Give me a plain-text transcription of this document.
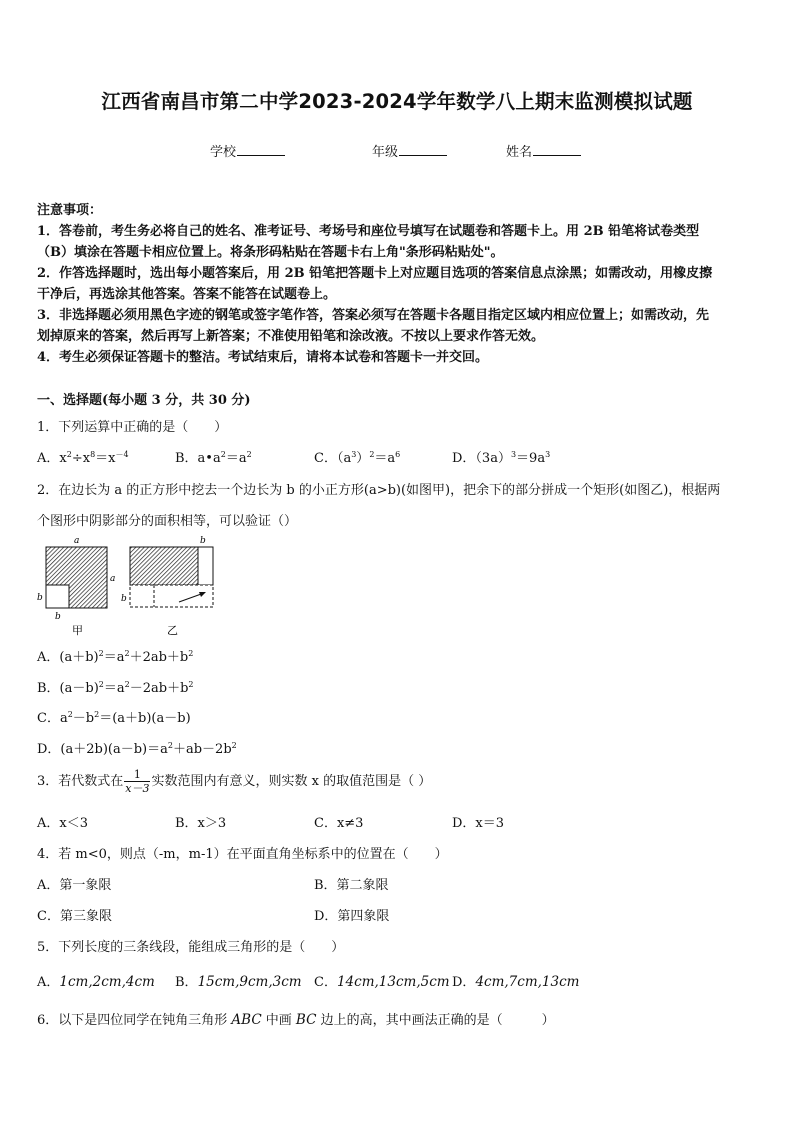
江西省南昌市第二中学2023-2024学年数学八上期末监测模拟试题
学校	年级	姓名
注意事项：
1．答卷前，考生务必将自己的姓名、准考证号、考场号和座位号填写在试题卷和答题卡上。用 2B 铅笔将试卷类型
（B）填涂在答题卡相应位置上。将条形码粘贴在答题卡右上角"条形码粘贴处"。
2．作答选择题时，选出每小题答案后，用 2B 铅笔把答题卡上对应题目选项的答案信息点涂黑；如需改动，用橡皮擦
干净后，再选涂其他答案。答案不能答在试题卷上。
3．非选择题必须用黑色字迹的钢笔或签字笔作答，答案必须写在答题卡各题目指定区域内相应位置上；如需改动，先
划掉原来的答案，然后再写上新答案；不准使用铅笔和涂改液。不按以上要求作答无效。
4．考生必须保证答题卡的整洁。考试结束后，请将本试卷和答题卡一并交回。
一、选择题(每小题 3 分，共 30 分)
1．下列运算中正确的是（　　）
A．$x^2\div x^8=x^{-4}$	B．$a•a^2=a^2$	C．$(a^3)^2=a^6$	D．$(3a)^3=9a^3$
2．在边长为 a 的正方形中挖去一个边长为 b 的小正方形(a>b)(如图甲)，把余下的部分拼成一个矩形(如图乙)，根据两
个图形中阴影部分的面积相等，可以验证（）
a
a
b
b
甲
b
b
乙
A．$(a+b)^2=a^2+2ab+b^2$
B．$(a-b)^2=a^2-2ab+b^2$
C．$a^2-b^2=(a+b)(a-b)$
D．$(a+2b)(a-b)=a^2+ab-2b^2$
3．若代数式在 $\frac{1}{x-3}$ 实数范围内有意义，则实数 x 的取值范围是（ ）
A．x＜3	B．x＞3	C．x≠3	D．x＝3
4．若 m<0，则点（-m，m-1）在平面直角坐标系中的位置在（　　）
A．第一象限	B．第二象限
C．第三象限	D．第四象限
5．下列长度的三条线段，能组成三角形的是（　　）
A．1cm,2cm,4cm B．15cm,9cm,3cm C．14cm,13cm,5cm D．4cm,7cm,13cm
6．以下是四位同学在钝角三角形 ABC 中画 BC 边上的高，其中画法正确的是（　　　）
